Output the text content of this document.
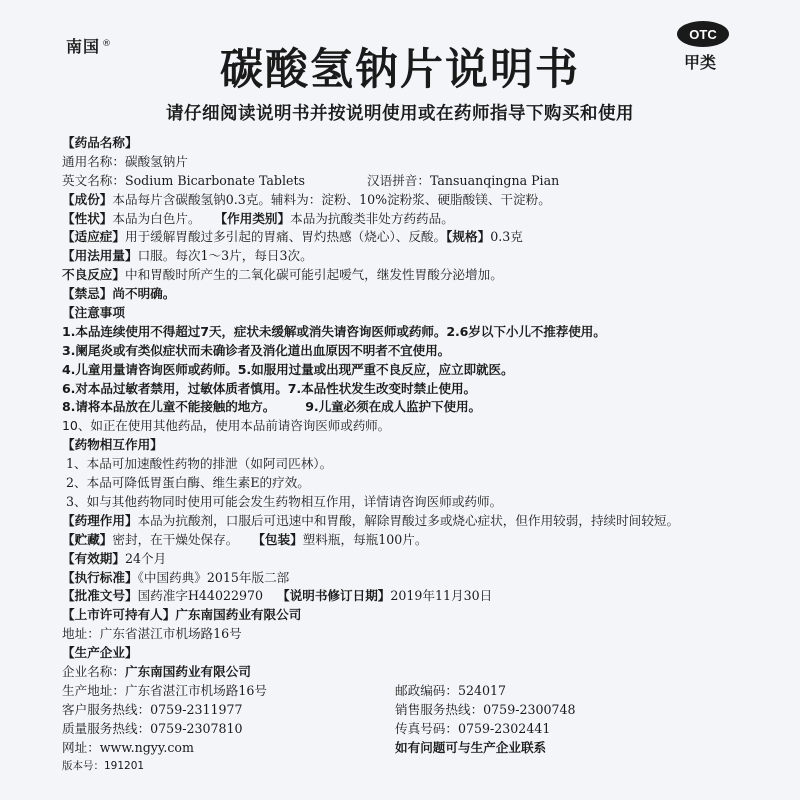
南国 ®
OTC
甲类
碳酸氢钠片说明书
请仔细阅读说明书并按说明使用或在药师指导下购买和使用
【药品名称】
通用名称：碳酸氢钠片
英文名称：Sodium Bicarbonate Tablets	汉语拼音：Tansuanqingna Pian
【成份】本品每片含碳酸氢钠0.3克。辅料为：淀粉、10%淀粉浆、硬脂酸镁、干淀粉。
【性状】本品为白色片。 【作用类别】本品为抗酸类非处方药药品。
【适应症】用于缓解胃酸过多引起的胃痛、胃灼热感（烧心）、反酸。【规格】0.3克
【用法用量】口服。每次1～3片，每日3次。
不良反应】中和胃酸时所产生的二氧化碳可能引起嗳气，继发性胃酸分泌增加。
【禁忌】尚不明确。
【注意事项
1.本品连续使用不得超过7天，症状未缓解或消失请咨询医师或药师。2.6岁以下小儿不推荐使用。
3.阑尾炎或有类似症状而未确诊者及消化道出血原因不明者不宜使用。
4.儿童用量请咨询医师或药师。5.如服用过量或出现严重不良反应，应立即就医。
6.对本品过敏者禁用，过敏体质者慎用。7.本品性状发生改变时禁止使用。
8.请将本品放在儿童不能接触的地方。 9.儿童必须在成人监护下使用。
10、如正在使用其他药品，使用本品前请咨询医师或药师。
【药物相互作用】
1、本品可加速酸性药物的排泄（如阿司匹林）。
2、本品可降低胃蛋白酶、维生素E的疗效。
3、如与其他药物同时使用可能会发生药物相互作用，详情请咨询医师或药师。
【药理作用】本品为抗酸剂，口服后可迅速中和胃酸，解除胃酸过多或烧心症状，但作用较弱，持续时间较短。
【贮藏】密封，在干燥处保存。 【包装】塑料瓶，每瓶100片。
【有效期】24个月
【执行标准】《中国药典》2015年版二部
【批准文号】国药准字H44022970 【说明书修订日期】2019年11月30日
【上市许可持有人】广东南国药业有限公司
地址：广东省湛江市机场路16号
【生产企业】
企业名称：广东南国药业有限公司
生产地址：广东省湛江市机场路16号	邮政编码：524017
客户服务热线：0759-2311977	销售服务热线：0759-2300748
质量服务热线：0759-2307810	传真号码：0759-2302441
网址：www.ngyy.com	如有问题可与生产企业联系
版本号：191201
